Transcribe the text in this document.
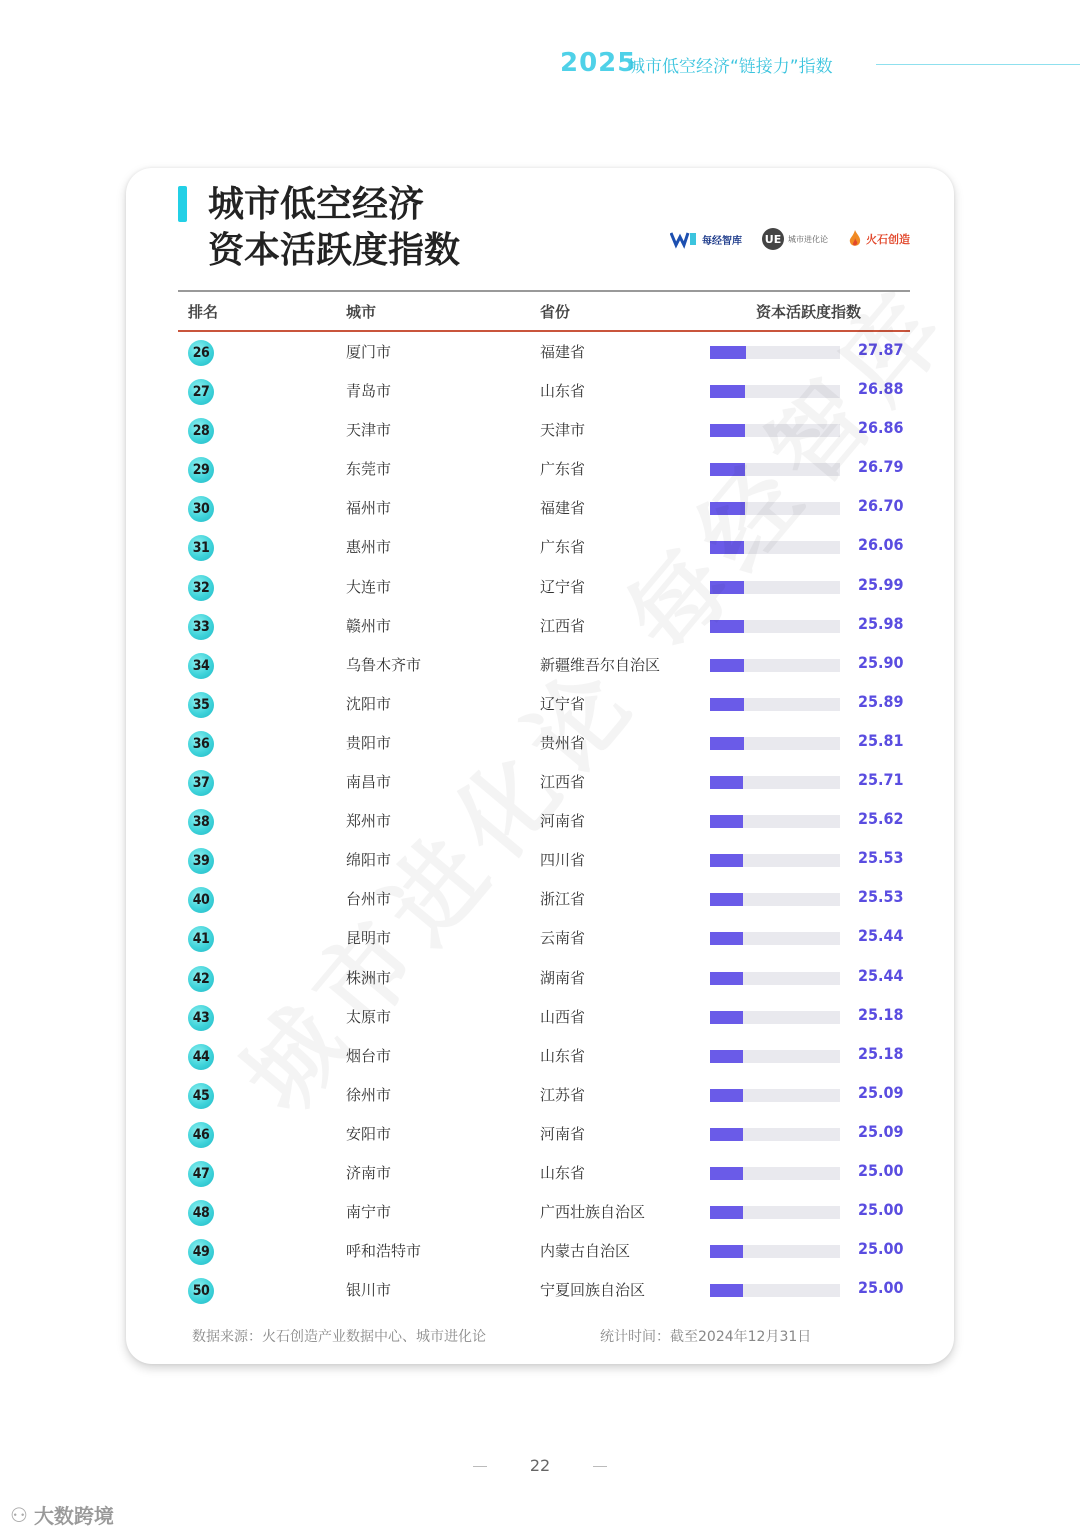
2025
城市低空经济“链接力”指数
城市低空经济
资本活跃度指数	每经智库 UE 城市进化论	火石创造
排名	城市	省份	资本活跃度指数
26	厦门市	福建省	27.87
27	青岛市	山东省	26.88
28	天津市	天津市	26.86
29	东莞市	广东省	26.79
30	福州市	福建省	26.70
31	惠州市	广东省	26.06
32	大连市	辽宁省	25.99
33	赣州市	江西省	25.98
34	乌鲁木齐市	新疆维吾尔自治区	25.90
35	沈阳市	辽宁省	25.89
36	贵阳市	贵州省	25.81
37	南昌市	江西省	25.71
38	郑州市	河南省	25.62
39	绵阳市	四川省	25.53
40	台州市	浙江省	25.53
41	昆明市	云南省	25.44
42	株洲市	湖南省	25.44
43	太原市	山西省	25.18
44	烟台市	山东省	25.18
45	徐州市	江苏省	25.09
46	安阳市	河南省	25.09
47	济南市	山东省	25.00
48	南宁市	广西壮族自治区	25.00
49	呼和浩特市	内蒙古自治区	25.00
50	银川市	宁夏回族自治区	25.00
数据来源：火石创造产业数据中心、城市进化论	统计时间：截至2024年12月31日
22
⚇ 大数跨境
